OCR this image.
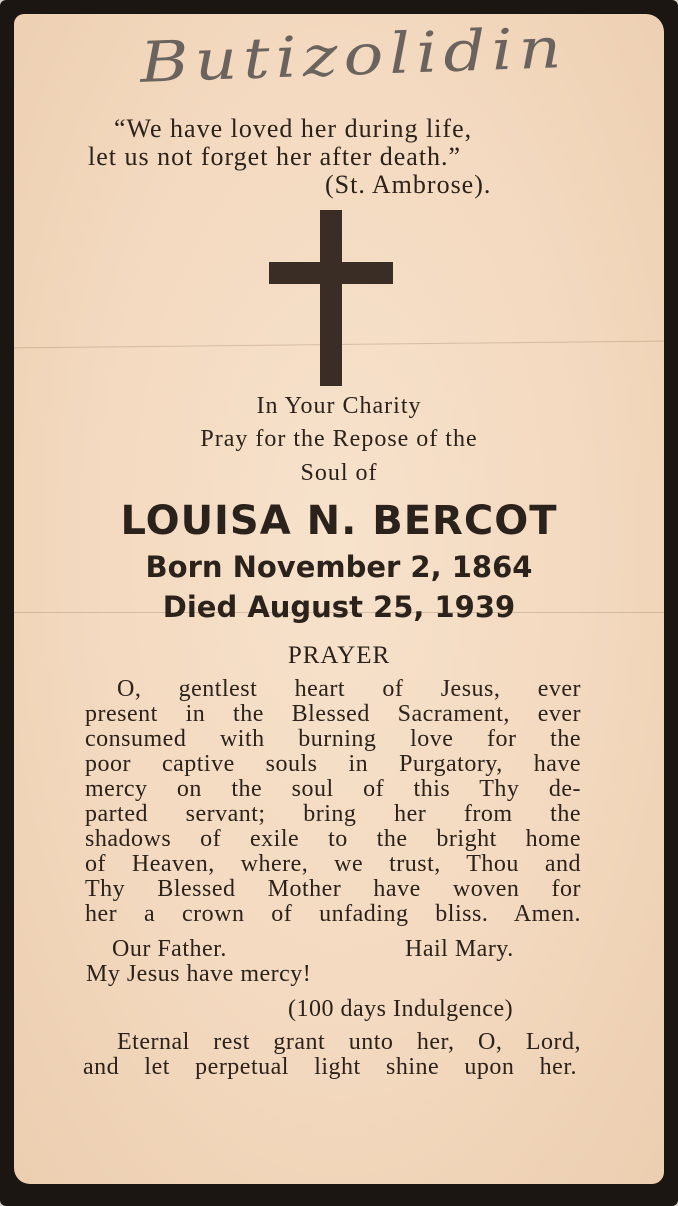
Butizolidin
“We have loved her during life,
let us not forget her after death.”
(St. Ambrose).
In Your Charity
Pray for the Repose of the
Soul of
LOUISA N. BERCOT
Born November 2, 1864
Died August 25, 1939
PRAYER
O, gentlest heart of Jesus, ever
present in the Blessed Sacrament, ever
consumed with burning love for the
poor captive souls in Purgatory, have
mercy on the soul of this Thy de-
parted servant; bring her from the
shadows of exile to the bright home
of Heaven, where, we trust, Thou and
Thy Blessed Mother have woven for
her a crown of unfading bliss. Amen.
Our Father.	Hail Mary.
My Jesus have mercy!
(100 days Indulgence)
Eternal rest grant unto her, O, Lord,
and let perpetual light shine upon her.
